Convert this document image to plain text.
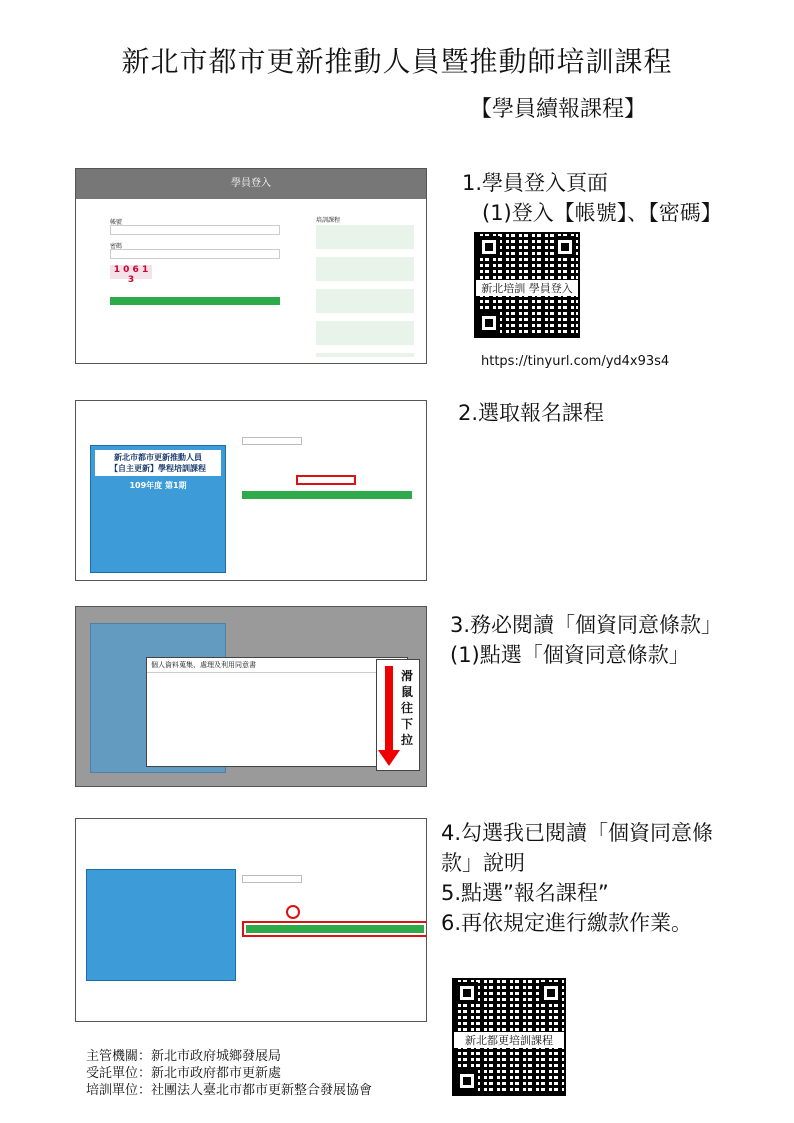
新北市都市更新推動人員暨推動師培訓課程
【學員續報課程】
學員登入
帳號
密碼
1 0 6 1 3
培訓課程
1.學員登入頁面
(1)登入【帳號】、【密碼】
新北培訓 學員登入
https://tinyurl.com/yd4x93s4
新北市都市更新推動人員
【自主更新】學程培訓課程
109年度 第1期
2.選取報名課程
個人資料蒐集、處理及利用同意書
滑
鼠
往
下
拉
3.務必閱讀「個資同意條款」
(1)點選「個資同意條款」
4.勾選我已閱讀「個資同意條
款」說明
5.點選”報名課程”
6.再依規定進行繳款作業。
新北都更培訓課程
主管機關：新北市政府城鄉發展局
受託單位：新北市政府都市更新處
培訓單位：社團法人臺北市都市更新整合發展協會
